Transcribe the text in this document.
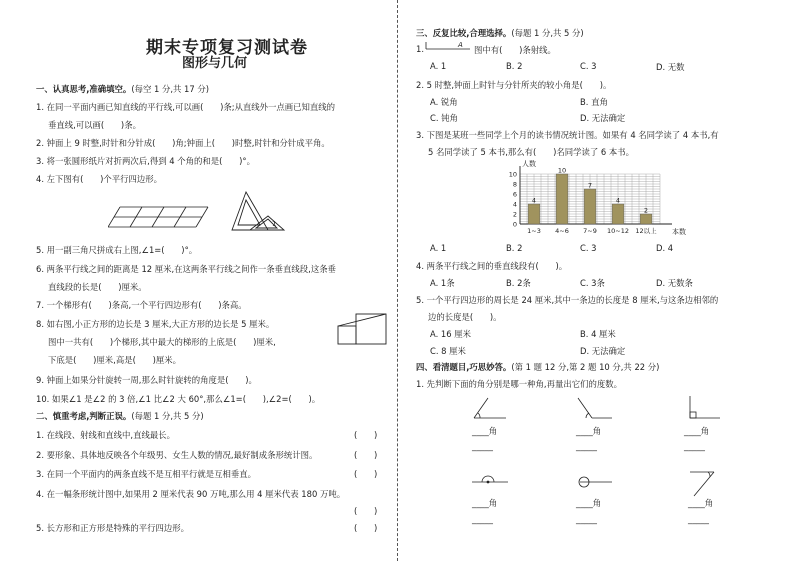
期末专项复习测试卷
图形与几何
一、认真思考,准确填空。(每空 1 分,共 17 分)
1. 在同一平面内画已知直线的平行线,可以画(　　)条;从直线外一点画已知直线的
垂直线,可以画(　　)条。
2. 钟面上 9 时整,时针和分针成(　　)角;钟面上(　　)时整,时针和分针成平角。
3. 将一张圆形纸片对折两次后,得到 4 个角的和是(　　)°。
4. 左下图有(　　)个平行四边形。
1
5. 用一副三角尺拼成右上图,∠1=(　　)°。
6. 两条平行线之间的距离是 12 厘米,在这两条平行线之间作一条垂直线段,这条垂
直线段的长是(　　)厘米。
7. 一个梯形有(　　)条高,一个平行四边形有(　　)条高。
8. 如右图,小正方形的边长是 3 厘米,大正方形的边长是 5 厘米。
图中一共有(　　)个梯形,其中最大的梯形的上底是(　　)厘米,
下底是(　　)厘米,高是(　　)厘米。
9. 钟面上如果分针旋转一周,那么时针旋转的角度是(　　)。
10. 如果∠1 是∠2 的 3 倍,∠1 比∠2 大 60°,那么∠1=(　　),∠2=(　　)。
二、慎重考虑,判断正误。(每题 1 分,共 5 分)
1. 在线段、射线和直线中,直线最长。	(　　)
2. 要形象、具体地反映各个年级男、女生人数的情况,最好制成条形统计图。	(　　)
3. 在同一个平面内的两条直线不是互相平行就是互相垂直。	(　　)
4. 在一幅条形统计图中,如果用 2 厘米代表 90 万吨,那么用 4 厘米代表 180 万吨。
(　　)
5. 长方形和正方形是特殊的平行四边形。	(　　)
三、反复比较,合理选择。(每题 1 分,共 5 分)
1.	A 图中有(　　)条射线。
A. 1	B. 2	C. 3	D. 无数
2. 5 时整,钟面上时针与分针所夹的较小角是(　　)。
A. 锐角	B. 直角
C. 钝角	D. 无法确定
3. 下图是某班一些同学上个月的读书情况统计图。如果有 4 名同学读了 4 本书,有
5 名同学读了 5 本书,那么有(　　)名同学读了 6 本书。
人数
本数
0
2
4
6
8
10
4
1~3
10
4~6
7
7~9
4
10~12
2
12以上
A. 1	B. 2	C. 3	D. 4
4. 两条平行线之间的垂直线段有(　　)。
A. 1条	B. 2条	C. 3条	D. 无数条
5. 一个平行四边形的周长是 24 厘米,其中一条边的长度是 8 厘米,与这条边相邻的
边的长度是(　　)。
A. 16 厘米	B. 4 厘米
C. 8 厘米	D. 无法确定
四、看清题目,巧思妙答。(第 1 题 12 分,第 2 题 10 分,共 22 分)
1. 先判断下面的角分别是哪一种角,再量出它们的度数。
____角	____角	____角
_____	_____	_____
____角	____角	____角
_____	_____	_____
